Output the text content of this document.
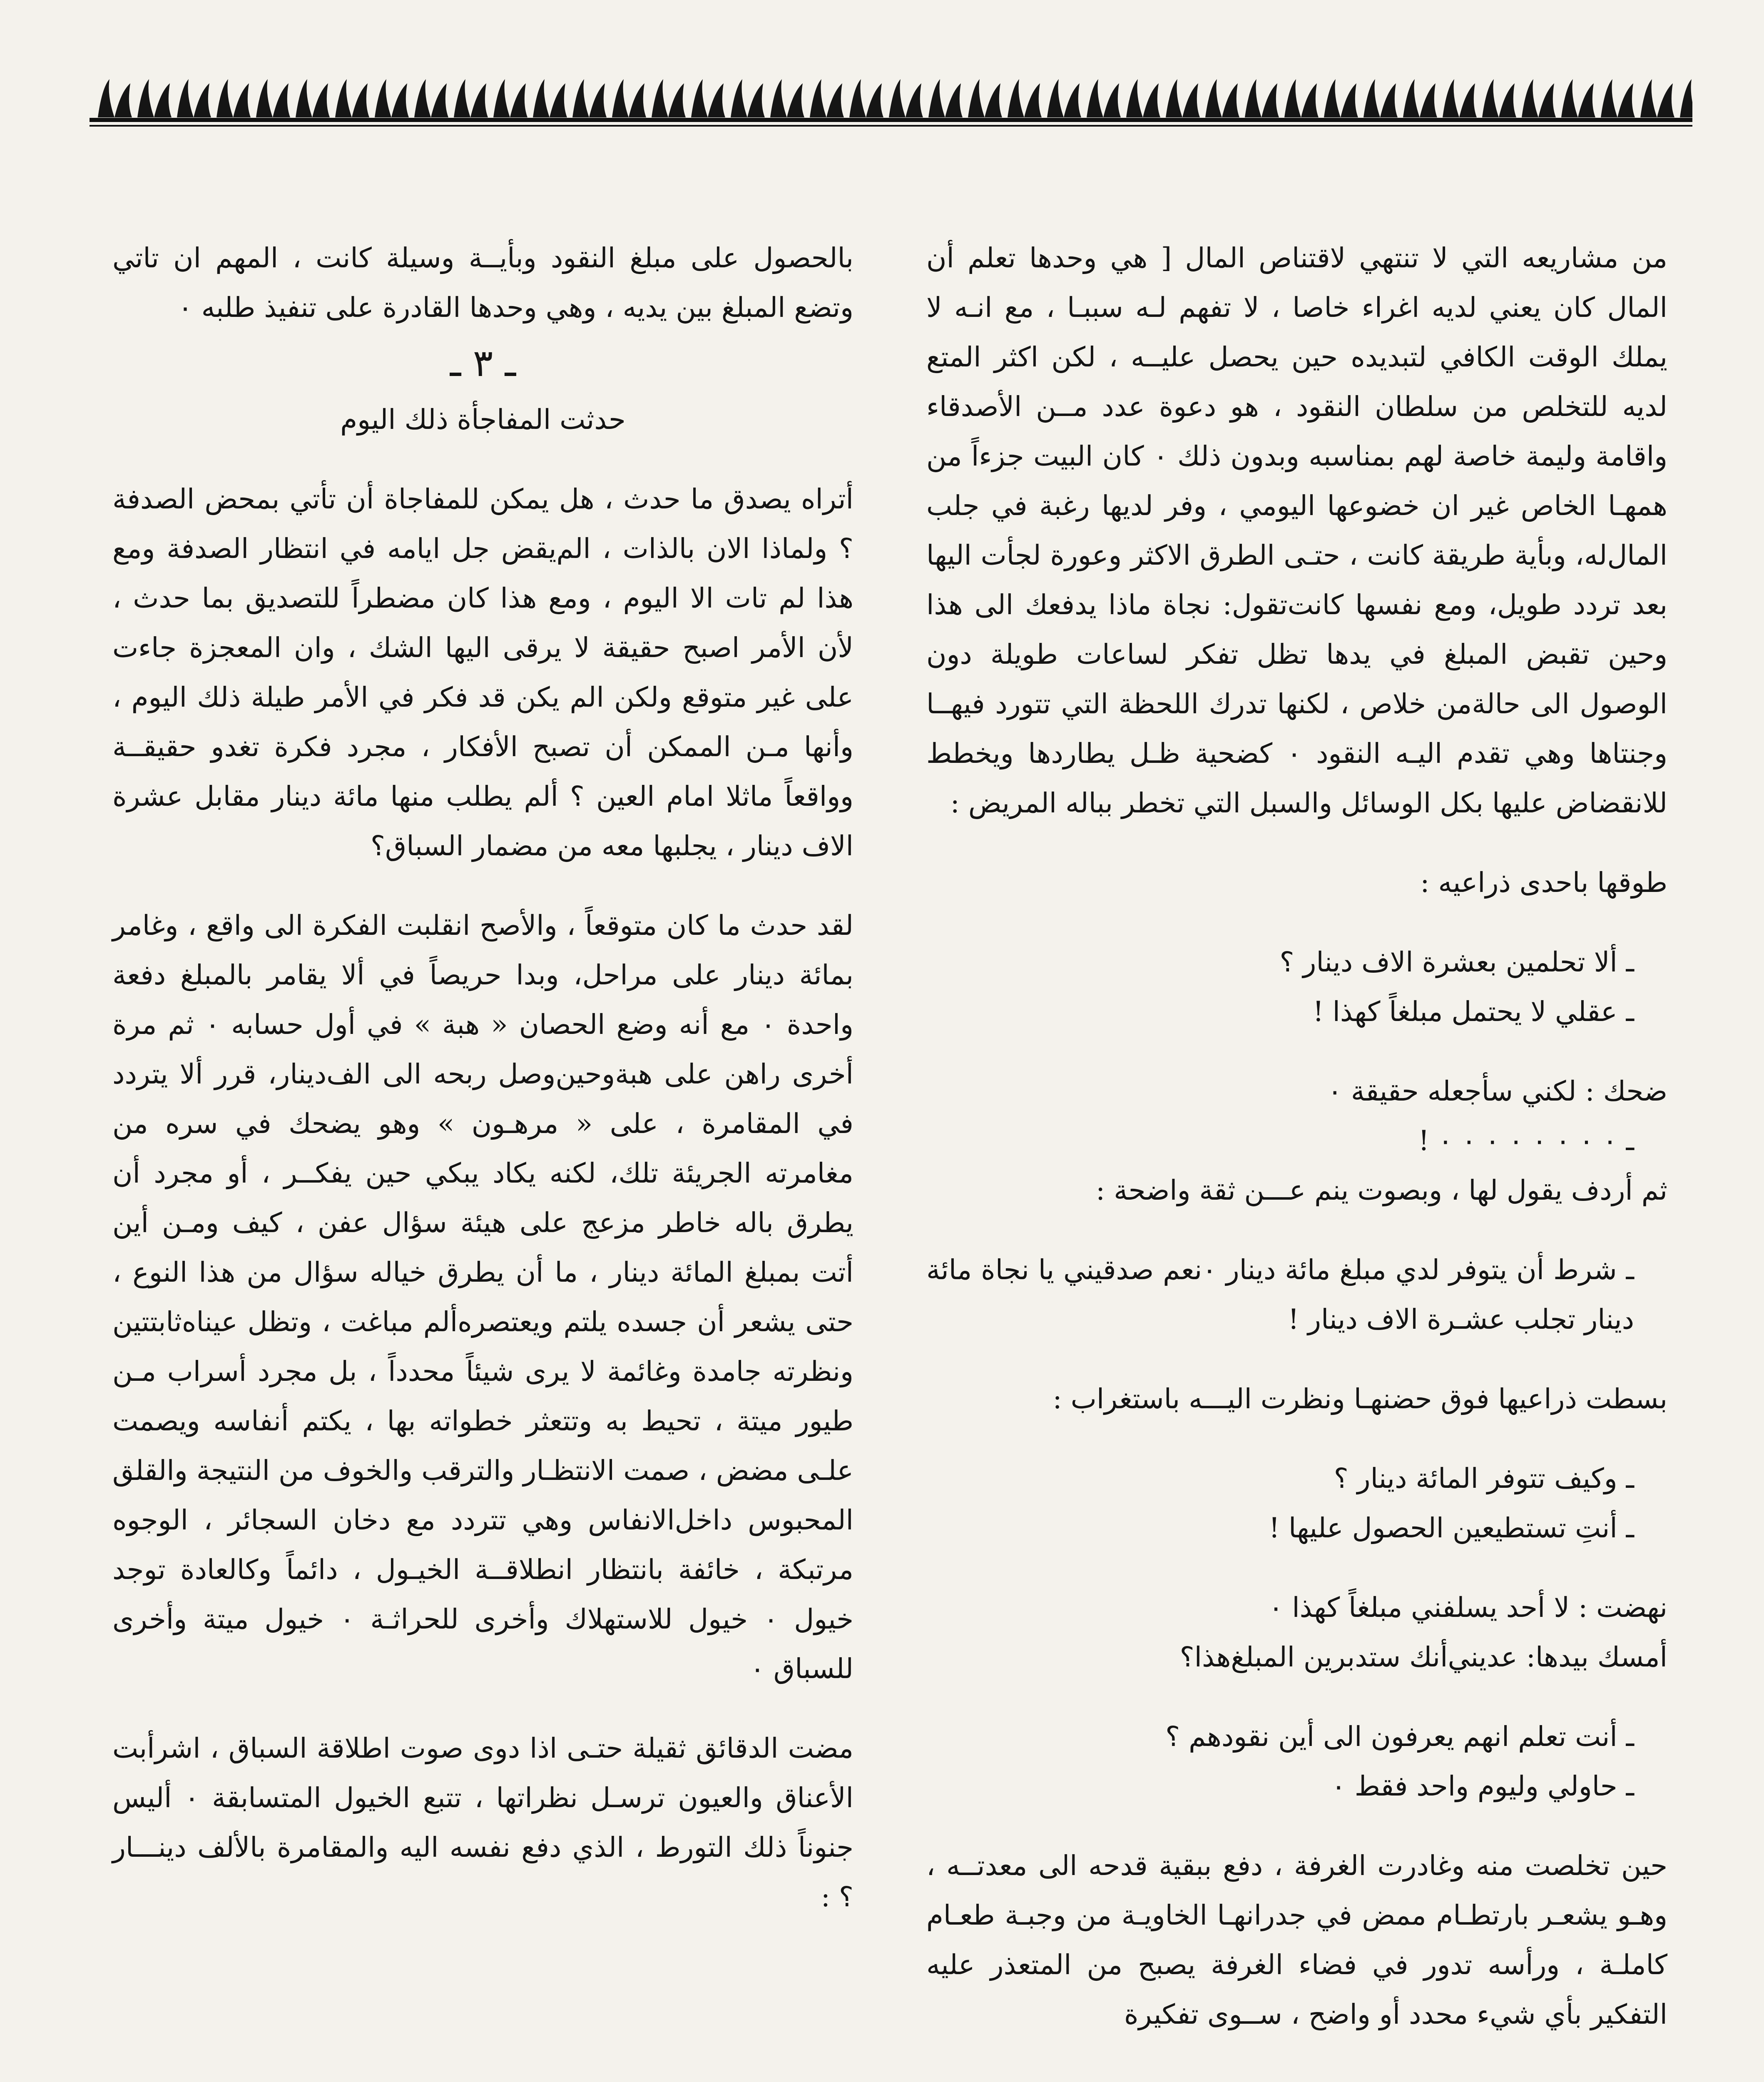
من مشاريعه التي لا تنتهي لاقتناص المال [ هي وحدها تعلم أن المال كان يعني لديه اغراء خاصا ، لا تفهم لـه سببـا ، مع انـه لا يملك الوقت الكافي لتبديده حين يحصل عليــه ، لكن اكثر المتع لديه للتخلص من سلطان النقود ، هو دعوة عدد مــن الأصدقاء واقامة وليمة خاصة لهم بمناسبه وبدون ذلك ٠ كان البيت جزءاً من همهـا الخاص غير ان خضوعها اليومي ، وفر لديها رغبة في جلب المال‌له، وبأية طريقة كانت ، حتـى الطرق الاكثر وعورة لجأت اليها بعد تردد طويل، ومع نفسها كانت‌تقول: نجاة ماذا يدفعك الى هذا وحين تقبض المبلغ في يدها تظل تفكر لساعات طويلة دون الوصول الى حالة‌من خلاص ، لكنها تدرك اللحظة التي تتورد فيهــا وجنتاها وهي تقدم اليـه النقود ٠ كضحية ظـل يطاردها ويخطط للانقضاض عليها بكل الوسائل والسبل التي تخطر بباله المريض :

طوقها باحدى ذراعيه :

ـ ألا تحلمين بعشرة الاف دينار ؟

ـ عقلي لا يحتمل مبلغاً كهذا !

ضحك : لكني سأجعله حقيقة ٠

ـ ٠ ٠ ٠ ٠ ٠ ٠ ٠ ٠ !

ثم أردف يقول لها ، وبصوت ينم عـــن ثقة واضحة :

ـ شرط أن يتوفر لدي مبلغ مائة دينار ٠نعم صدقيني يا نجاة مائة دينار تجلب عشـرة الاف دينار !

بسطت ذراعيها فوق حضنهـا ونظرت اليـــه باستغراب :

ـ وكيف تتوفر المائة دينار ؟

ـ أنتِ تستطيعين الحصول عليها !

نهضت : لا أحد يسلفني مبلغاً كهذا ٠

أمسك بيدها: عديني‌أنك ستدبرين المبلغ‌هذا؟

ـ أنت تعلم انهم يعرفون الى أين نقودهم ؟

ـ حاولي وليوم واحد فقط ٠

حين تخلصت منه وغادرت الغرفة ، دفع ببقية قدحه الى معدتــه ، وهـو يشعـر بارتطـام ممض في جدرانهـا الخاويـة من وجبـة طعـام كاملـة ، ورأسه تدور في فضاء الغرفة يصبح من المتعذر عليه التفكير بأي شيء محدد أو واضح ، ســوى تفكيرة

بالحصول على مبلغ النقود وبأيــة وسيلة كانت ، المهم ان تاتي وتضع المبلغ بين يديه ، وهي وحدها القادرة على تنفيذ طلبه ٠

ـ ٣ ـ

حدثت المفاجأة ذلك اليوم

أتراه يصدق ما حدث ، هل يمكن للمفاجاة أن تأتي بمحض الصدفة ؟ ولماذا الان بالذات ، الم‌يقض جل ايامه في انتظار الصدفة ومع هذا لم تات الا اليوم ، ومع هذا كان مضطراً للتصديق بما حدث ، لأن الأمر اصبح حقيقة لا يرقى اليها الشك ، وان المعجزة جاءت على غير متوقع ولكن الم يكن قد فكر في الأمر طيلة ذلك اليوم ، وأنها مـن الممكن أن تصبح الأفكار ، مجرد فكرة تغدو حقيقــة وواقعاً ماثلا امام العين ؟ ألم يطلب منها مائة دينار مقابل عشرة الاف دينار ، يجلبها معه من مضمار السباق؟

لقد حدث ما كان متوقعاً ، والأصح انقلبت الفكرة الى واقع ، وغامر بمائة دينار على مراحل، وبدا حريصاً في ألا يقامر بالمبلغ دفعة واحدة ٠ مع أنه وضع الحصان « هبة » في أول حسابه ٠ ثم مرة أخرى راهن على هبة‌وحين‌وصل ربحه الى الف‌دينار، قرر ألا يتردد في المقامرة ، على « مرهـون » وهو يضحك في سره من مغامرته الجريئة تلك، لكنه يكاد يبكي حين يفكــر ، أو مجرد أن يطرق باله خاطر مزعج على هيئة سؤال عفن ، كيف ومـن أين أتت بمبلغ المائة دينار ، ما أن يطرق خياله سؤال من هذا النوع ، حتى يشعر أن جسده يلتم ويعتصره‌ألم مباغت ، وتظل عيناه‌ثابتتين ونظرته جامدة وغائمة لا يرى شيئاً محدداً ، بل مجرد أسراب مـن طيور ميتة ، تحيط به وتتعثر خطواته بها ، يكتم أنفاسه ويصمت علـى مضض ، صمت الانتظـار والترقب والخوف من النتيجة والقلق المحبوس داخل‌الانفاس وهي تتردد مع دخان السجائر ، الوجوه مرتبكة ، خائفة بانتظار انطلاقــة الخيـول ، دائماً وكالعادة توجد خيول ٠ خيول للاستهلاك وأخرى للحراثـة ٠ خيول ميتة وأخرى للسباق ٠

مضت الدقائق ثقيلة حتـى اذا دوى صوت اطلاقة السباق ، اشرأبت الأعناق والعيون ترسـل نظراتها ، تتبع الخيول المتسابقة ٠ أليس جنوناً ذلك التورط ، الذي دفع نفسه اليه والمقامرة بالألف دينـــار ؟ :
